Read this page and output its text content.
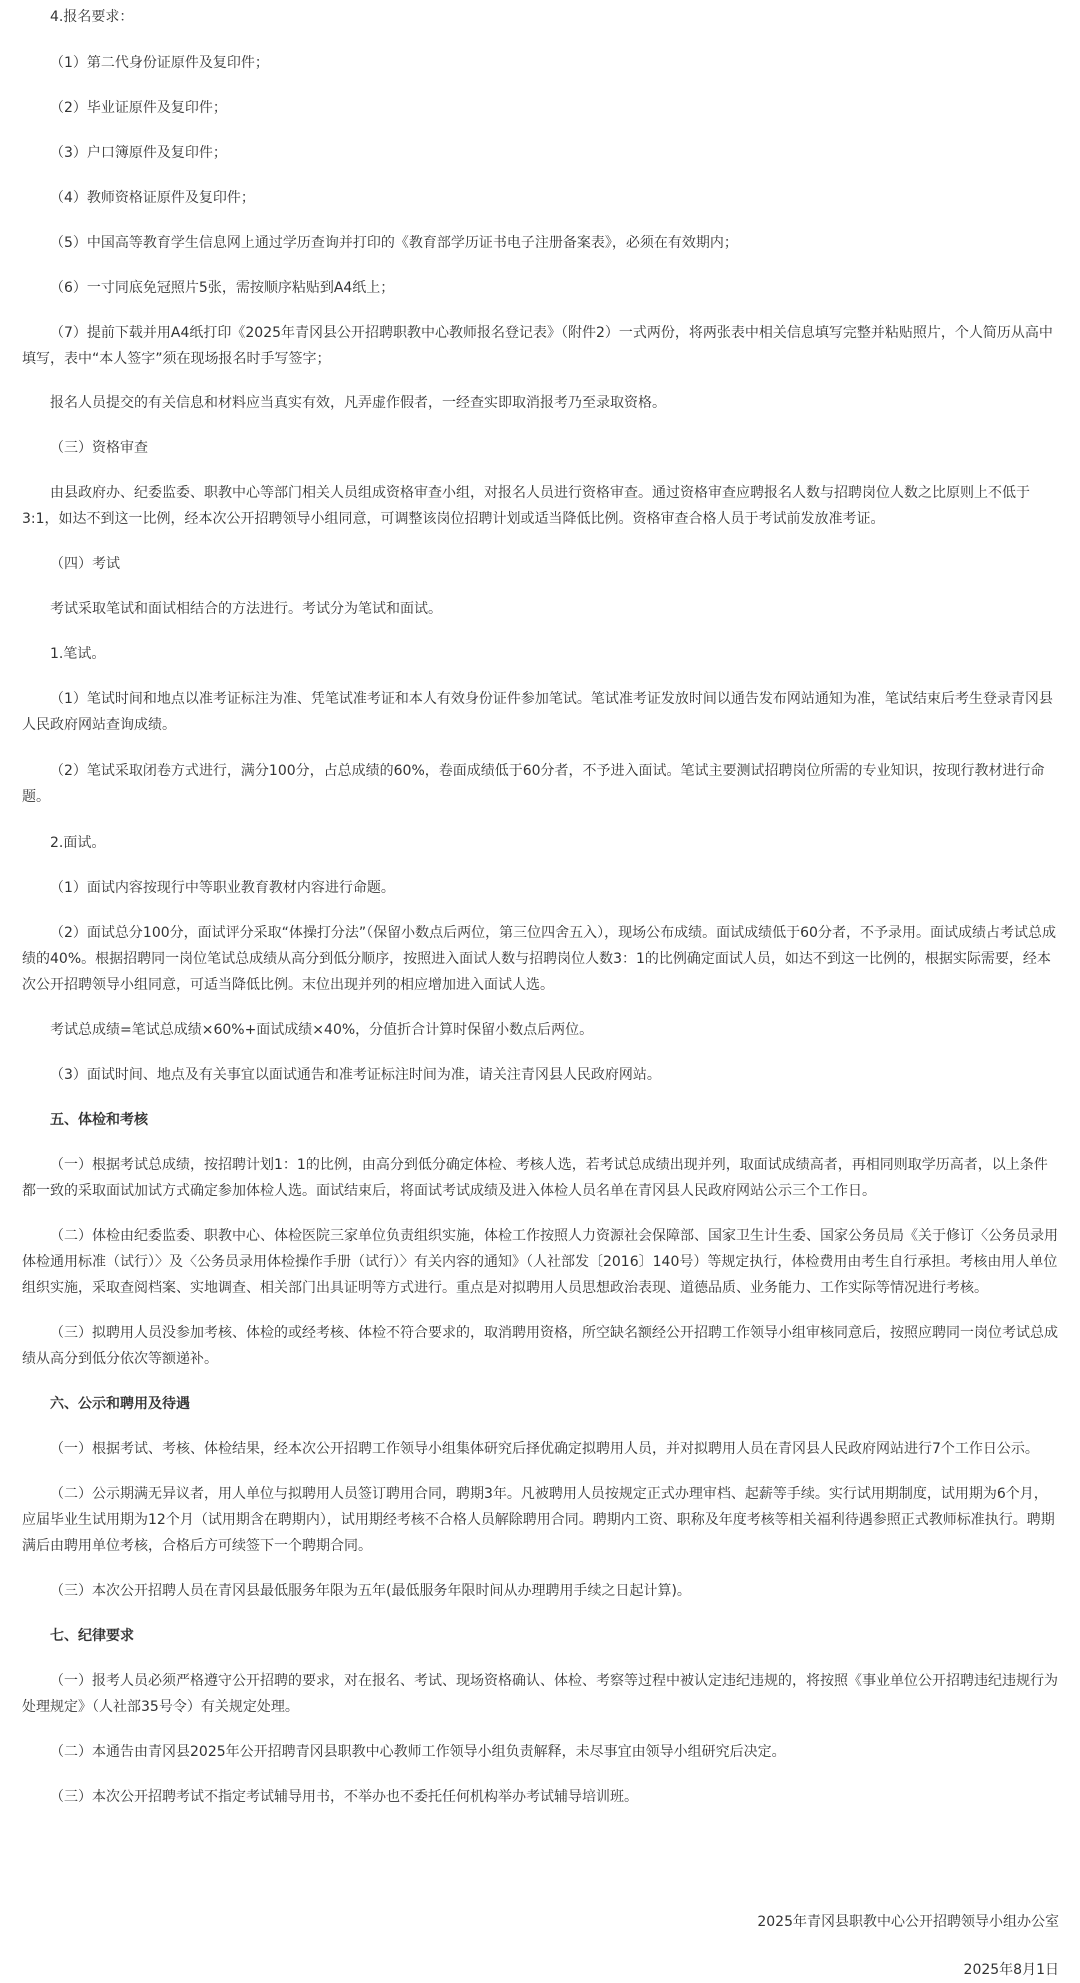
4.报名要求：

（1）第二代身份证原件及复印件；

（2）毕业证原件及复印件；

（3）户口簿原件及复印件；

（4）教师资格证原件及复印件；

（5）中国高等教育学生信息网上通过学历查询并打印的《教育部学历证书电子注册备案表》，必须在有效期内；

（6）一寸同底免冠照片5张，需按顺序粘贴到A4纸上；

（7）提前下载并用A4纸打印《2025年青冈县公开招聘职教中心教师报名登记表》（附件2）一式两份，将两张表中相关信息填写完整并粘贴照片，个人简历从高中填写，表中“本人签字”须在现场报名时手写签字；

报名人员提交的有关信息和材料应当真实有效，凡弄虚作假者，一经查实即取消报考乃至录取资格。

（三）资格审查

由县政府办、纪委监委、职教中心等部门相关人员组成资格审查小组，对报名人员进行资格审查。通过资格审查应聘报名人数与招聘岗位人数之比原则上不低于3:1，如达不到这一比例，经本次公开招聘领导小组同意，可调整该岗位招聘计划或适当降低比例。资格审查合格人员于考试前发放准考证。

（四）考试

考试采取笔试和面试相结合的方法进行。考试分为笔试和面试。

1.笔试。

（1）笔试时间和地点以准考证标注为准、凭笔试准考证和本人有效身份证件参加笔试。笔试准考证发放时间以通告发布网站通知为准，笔试结束后考生登录青冈县人民政府网站查询成绩。

（2）笔试采取闭卷方式进行，满分100分，占总成绩的60%，卷面成绩低于60分者，不予进入面试。笔试主要测试招聘岗位所需的专业知识，按现行教材进行命题。

2.面试。

（1）面试内容按现行中等职业教育教材内容进行命题。

（2）面试总分100分，面试评分采取“体操打分法”（保留小数点后两位，第三位四舍五入），现场公布成绩。面试成绩低于60分者，不予录用。面试成绩占考试总成绩的40%。根据招聘同一岗位笔试总成绩从高分到低分顺序，按照进入面试人数与招聘岗位人数3：1的比例确定面试人员，如达不到这一比例的，根据实际需要，经本次公开招聘领导小组同意，可适当降低比例。末位出现并列的相应增加进入面试人选。

考试总成绩=笔试总成绩×60%+面试成绩×40%，分值折合计算时保留小数点后两位。

（3）面试时间、地点及有关事宜以面试通告和准考证标注时间为准，请关注青冈县人民政府网站。

五、体检和考核

（一）根据考试总成绩，按招聘计划1：1的比例，由高分到低分确定体检、考核人选，若考试总成绩出现并列，取面试成绩高者，再相同则取学历高者，以上条件都一致的采取面试加试方式确定参加体检人选。面试结束后，将面试考试成绩及进入体检人员名单在青冈县人民政府网站公示三个工作日。

（二）体检由纪委监委、职教中心、体检医院三家单位负责组织实施，体检工作按照人力资源社会保障部、国家卫生计生委、国家公务员局《关于修订〈公务员录用体检通用标准（试行）〉及〈公务员录用体检操作手册（试行）〉有关内容的通知》（人社部发〔2016〕140号）等规定执行，体检费用由考生自行承担。考核由用人单位组织实施，采取查阅档案、实地调查、相关部门出具证明等方式进行。重点是对拟聘用人员思想政治表现、道德品质、业务能力、工作实际等情况进行考核。

（三）拟聘用人员没参加考核、体检的或经考核、体检不符合要求的，取消聘用资格，所空缺名额经公开招聘工作领导小组审核同意后，按照应聘同一岗位考试总成绩从高分到低分依次等额递补。

六、公示和聘用及待遇

（一）根据考试、考核、体检结果，经本次公开招聘工作领导小组集体研究后择优确定拟聘用人员，并对拟聘用人员在青冈县人民政府网站进行7个工作日公示。

（二）公示期满无异议者，用人单位与拟聘用人员签订聘用合同，聘期3年。凡被聘用人员按规定正式办理审档、起薪等手续。实行试用期制度，试用期为6个月，应届毕业生试用期为12个月（试用期含在聘期内），试用期经考核不合格人员解除聘用合同。聘期内工资、职称及年度考核等相关福利待遇参照正式教师标准执行。聘期满后由聘用单位考核，合格后方可续签下一个聘期合同。

（三）本次公开招聘人员在青冈县最低服务年限为五年(最低服务年限时间从办理聘用手续之日起计算)。

七、纪律要求

（一）报考人员必须严格遵守公开招聘的要求，对在报名、考试、现场资格确认、体检、考察等过程中被认定违纪违规的，将按照《事业单位公开招聘违纪违规行为处理规定》（人社部35号令）有关规定处理。

（二）本通告由青冈县2025年公开招聘青冈县职教中心教师工作领导小组负责解释，未尽事宜由领导小组研究后决定。

（三）本次公开招聘考试不指定考试辅导用书，不举办也不委托任何机构举办考试辅导培训班。

2025年青冈县职教中心公开招聘领导小组办公室
2025年8月1日
